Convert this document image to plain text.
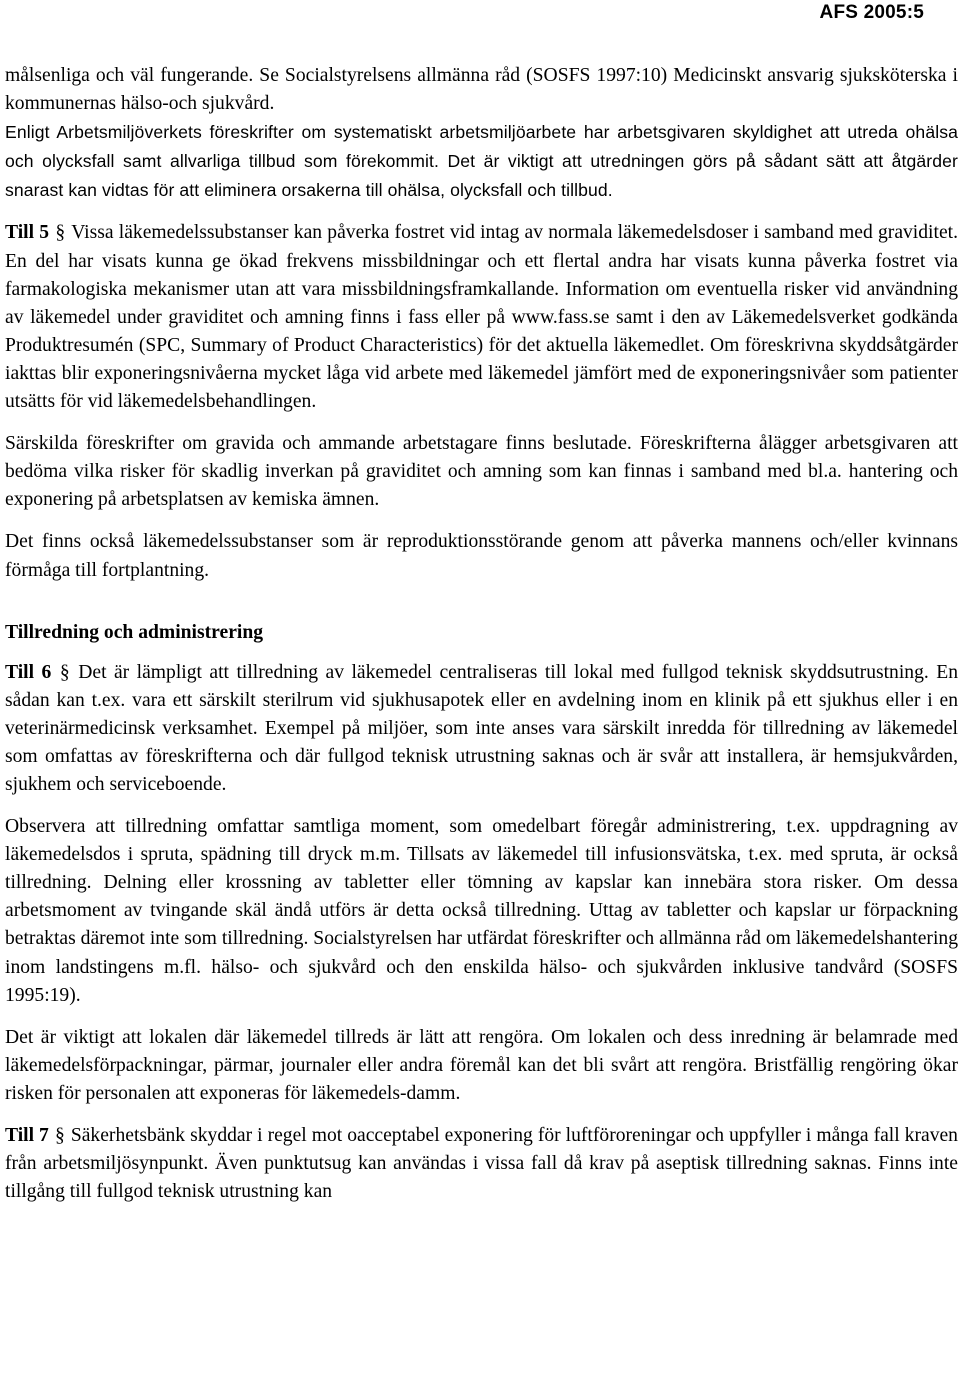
AFS 2005:5

målsenliga och väl fungerande. Se Socialstyrelsens allmänna råd (SOSFS 1997:10) Medicinskt ansvarig sjuksköterska i kommunernas hälso-och sjukvård.

Enligt Arbetsmiljöverkets föreskrifter om systematiskt arbetsmiljöarbete har arbetsgivaren skyldighet att utreda ohälsa och olycksfall samt allvarliga tillbud som förekommit. Det är viktigt att utredningen görs på sådant sätt att åtgärder snarast kan vidtas för att eliminera orsakerna till ohälsa, olycksfall och tillbud.

Till 5 § Vissa läkemedelssubstanser kan påverka fostret vid intag av normala läkemedelsdoser i samband med graviditet. En del har visats kunna ge ökad frekvens missbildningar och ett flertal andra har visats kunna påverka fostret via farmakologiska mekanismer utan att vara missbildningsframkallande. Information om eventuella risker vid användning av läkemedel under graviditet och amning finns i fass eller på www.fass.se samt i den av Läkemedelsverket godkända Produktresumén (SPC, Summary of Product Characteristics) för det aktuella läkemedlet. Om föreskrivna skyddsåtgärder iakttas blir exponeringsnivåerna mycket låga vid arbete med läkemedel jämfört med de exponeringsnivåer som patienter utsätts för vid läkemedelsbehandlingen.

Särskilda föreskrifter om gravida och ammande arbetstagare finns beslutade. Föreskrifterna ålägger arbetsgivaren att bedöma vilka risker för skadlig inverkan på graviditet och amning som kan finnas i samband med bl.a. hantering och exponering på arbetsplatsen av kemiska ämnen.

Det finns också läkemedelssubstanser som är reproduktionsstörande genom att påverka mannens och/eller kvinnans förmåga till fortplantning.

Tillredning och administrering

Till 6 § Det är lämpligt att tillredning av läkemedel centraliseras till lokal med fullgod teknisk skyddsutrustning. En sådan kan t.ex. vara ett särskilt sterilrum vid sjukhusapotek eller en avdelning inom en klinik på ett sjukhus eller i en veterinärmedicinsk verksamhet. Exempel på miljöer, som inte anses vara särskilt inredda för tillredning av läkemedel som omfattas av föreskrifterna och där fullgod teknisk utrustning saknas och är svår att installera, är hemsjukvården, sjukhem och serviceboende.

Observera att tillredning omfattar samtliga moment, som omedelbart föregår administrering, t.ex. uppdragning av läkemedelsdos i spruta, spädning till dryck m.m. Tillsats av läkemedel till infusionsvätska, t.ex. med spruta, är också tillredning. Delning eller krossning av tabletter eller tömning av kapslar kan innebära stora risker. Om dessa arbetsmoment av tvingande skäl ändå utförs är detta också tillredning. Uttag av tabletter och kapslar ur förpackning betraktas däremot inte som tillredning. Socialstyrelsen har utfärdat föreskrifter och allmänna råd om läkemedelshantering inom landstingens m.fl. hälso- och sjukvård och den enskilda hälso- och sjukvården inklusive tandvård (SOSFS 1995:19).

Det är viktigt att lokalen där läkemedel tillreds är lätt att rengöra. Om lokalen och dess inredning är belamrade med läkemedelsförpackningar, pärmar, journaler eller andra föremål kan det bli svårt att rengöra. Bristfällig rengöring ökar risken för personalen att exponeras för läkemedels-damm.

Till 7 § Säkerhetsbänk skyddar i regel mot oacceptabel exponering för luftföroreningar och uppfyller i många fall kraven från arbetsmiljösynpunkt. Även punktutsug kan användas i vissa fall då krav på aseptisk tillredning saknas. Finns inte tillgång till fullgod teknisk utrustning kan
